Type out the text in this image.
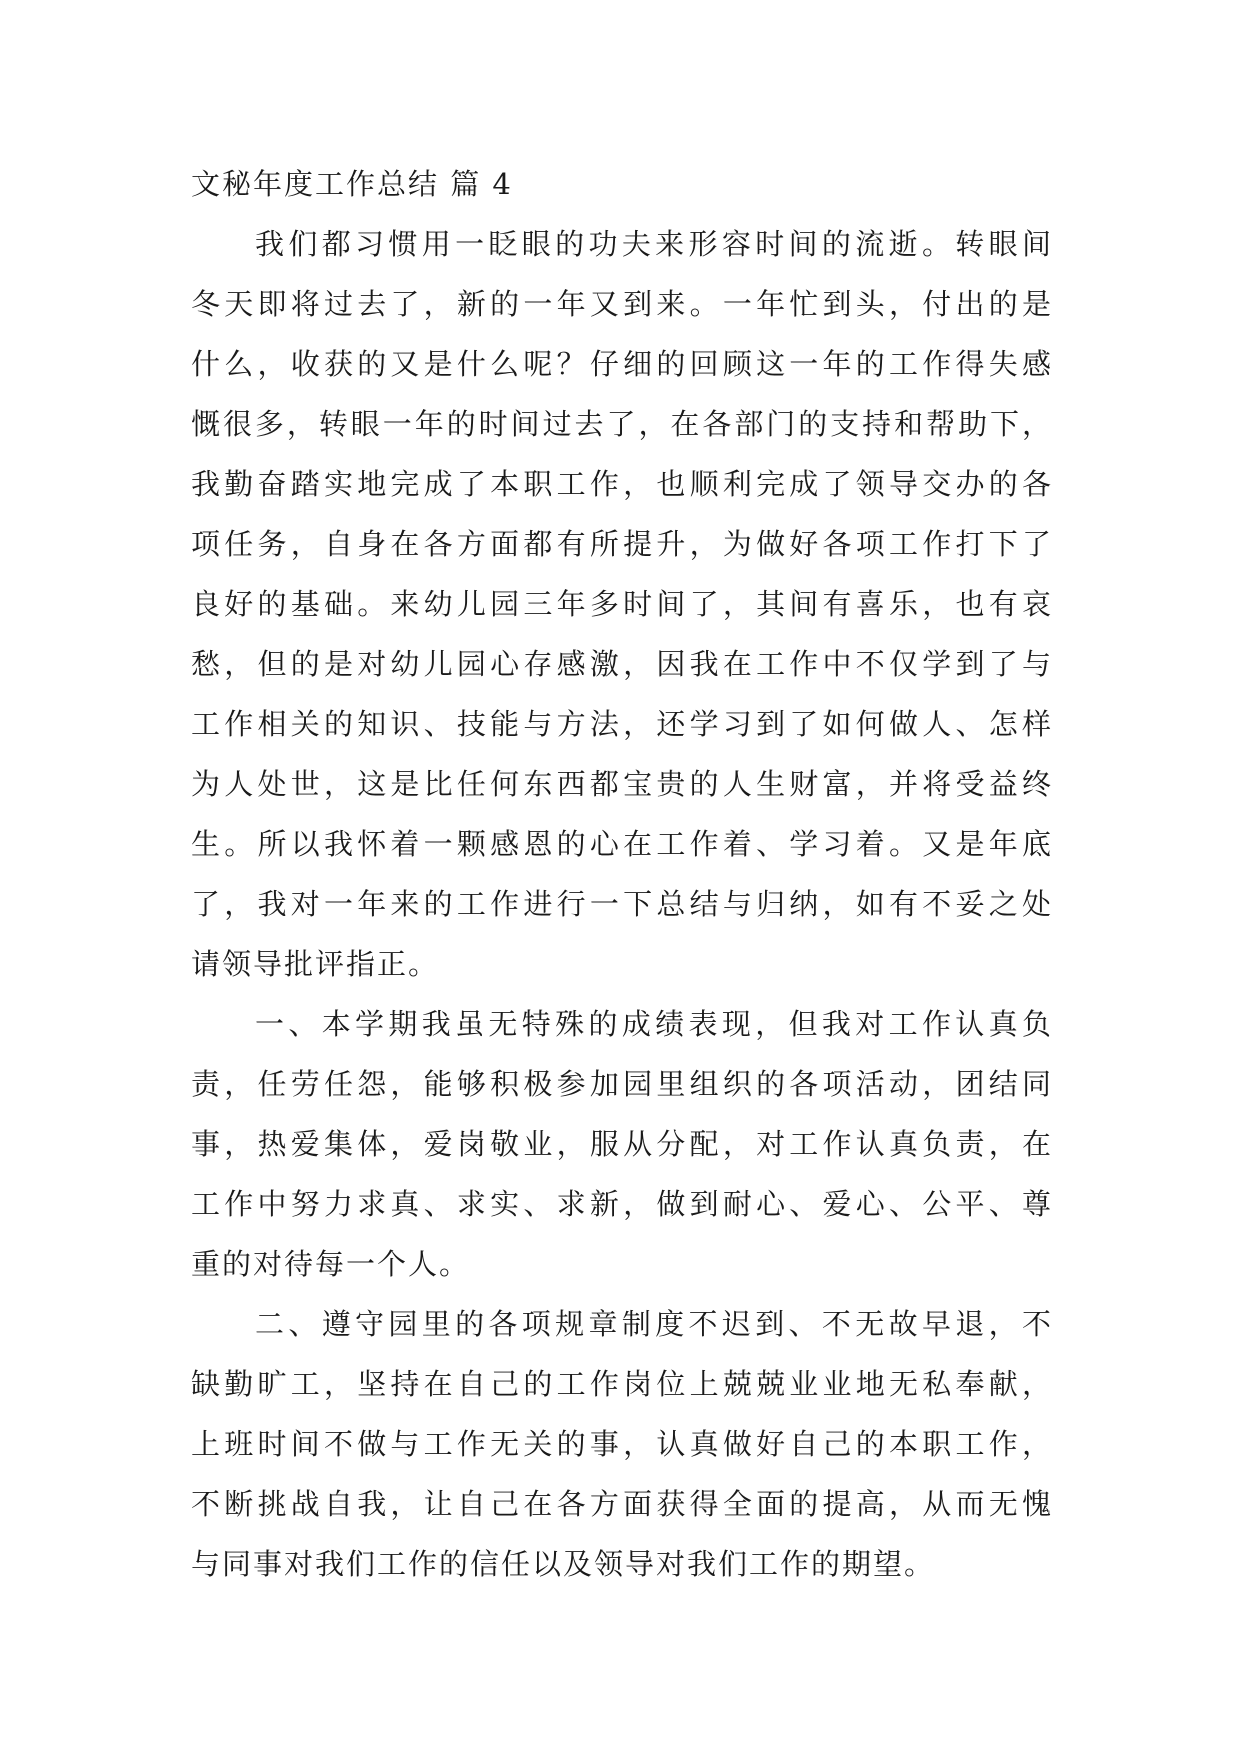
文秘年度工作总结 篇 4
我们都习惯用一眨眼的功夫来形容时间的流逝。转眼间
冬天即将过去了，新的一年又到来。一年忙到头，付出的是
什么，收获的又是什么呢？仔细的回顾这一年的工作得失感
慨很多，转眼一年的时间过去了，在各部门的支持和帮助下，
我勤奋踏实地完成了本职工作，也顺利完成了领导交办的各
项任务，自身在各方面都有所提升，为做好各项工作打下了
良好的基础。来幼儿园三年多时间了，其间有喜乐，也有哀
愁，但的是对幼儿园心存感激，因我在工作中不仅学到了与
工作相关的知识、技能与方法，还学习到了如何做人、怎样
为人处世，这是比任何东西都宝贵的人生财富，并将受益终
生。所以我怀着一颗感恩的心在工作着、学习着。又是年底
了，我对一年来的工作进行一下总结与归纳，如有不妥之处
请领导批评指正。
一、本学期我虽无特殊的成绩表现，但我对工作认真负
责，任劳任怨，能够积极参加园里组织的各项活动，团结同
事，热爱集体，爱岗敬业，服从分配，对工作认真负责，在
工作中努力求真、求实、求新，做到耐心、爱心、公平、尊
重的对待每一个人。
二、遵守园里的各项规章制度不迟到、不无故早退，不
缺勤旷工，坚持在自己的工作岗位上兢兢业业地无私奉献，
上班时间不做与工作无关的事，认真做好自己的本职工作，
不断挑战自我，让自己在各方面获得全面的提高，从而无愧
与同事对我们工作的信任以及领导对我们工作的期望。
